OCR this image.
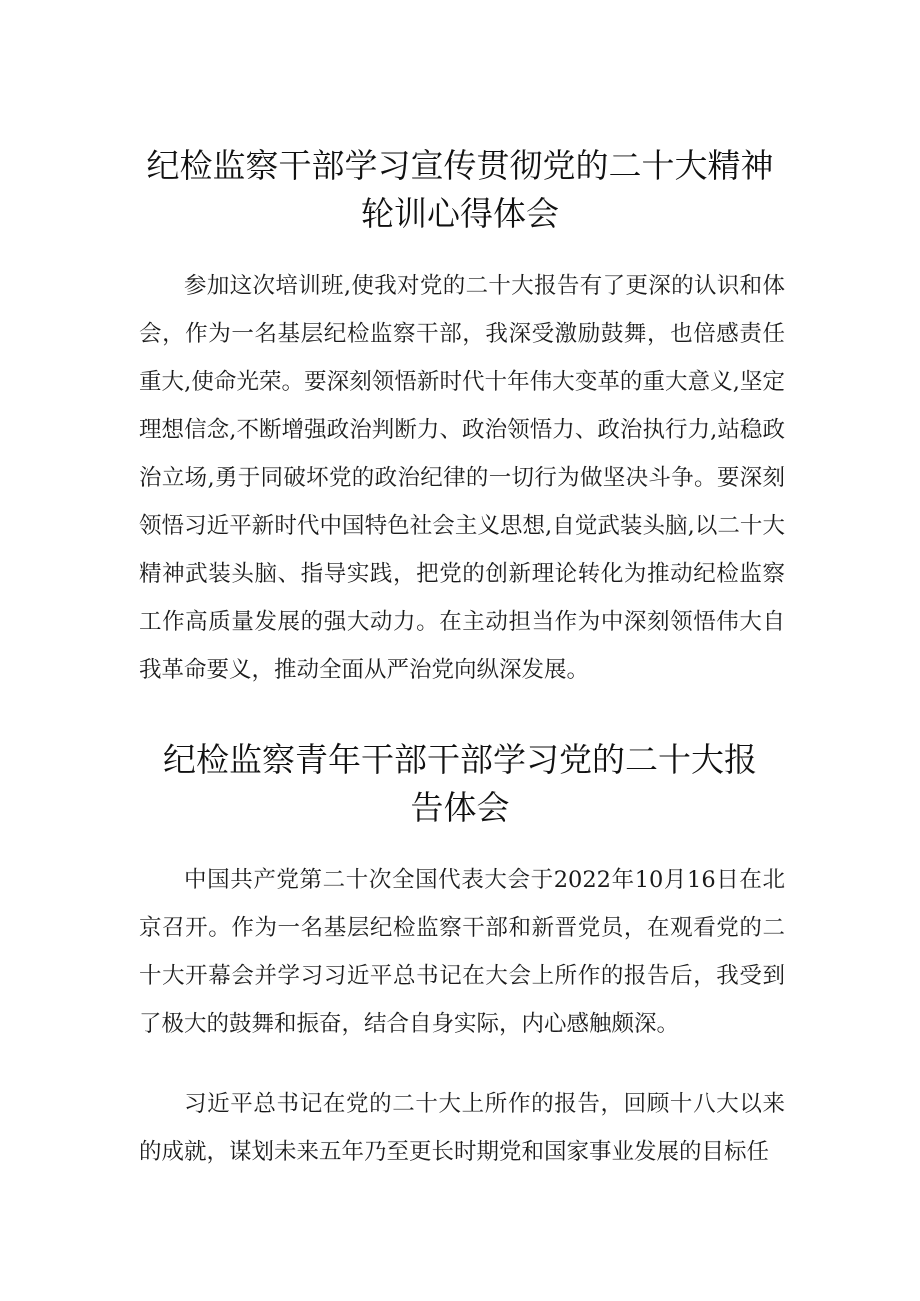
纪检监察干部学习宣传贯彻党的二十大精神
轮训心得体会

参加这次培训班,使我对党的二十大报告有了更深的认识和体会，作为一名基层纪检监察干部，我深受激励鼓舞，也倍感责任重大,使命光荣。要深刻领悟新时代十年伟大变革的重大意义,坚定理想信念,不断增强政治判断力、政治领悟力、政治执行力,站稳政治立场,勇于同破坏党的政治纪律的一切行为做坚决斗争。要深刻领悟习近平新时代中国特色社会主义思想,自觉武装头脑,以二十大精神武装头脑、指导实践，把党的创新理论转化为推动纪检监察工作高质量发展的强大动力。在主动担当作为中深刻领悟伟大自我革命要义，推动全面从严治党向纵深发展。

纪检监察青年干部干部学习党的二十大报
告体会

中国共产党第二十次全国代表大会于2022年10月16日在北京召开。作为一名基层纪检监察干部和新晋党员，在观看党的二十大开幕会并学习习近平总书记在大会上所作的报告后，我受到了极大的鼓舞和振奋，结合自身实际，内心感触颇深。

习近平总书记在党的二十大上所作的报告，回顾十八大以来的成就，谋划未来五年乃至更长时期党和国家事业发展的目标任
